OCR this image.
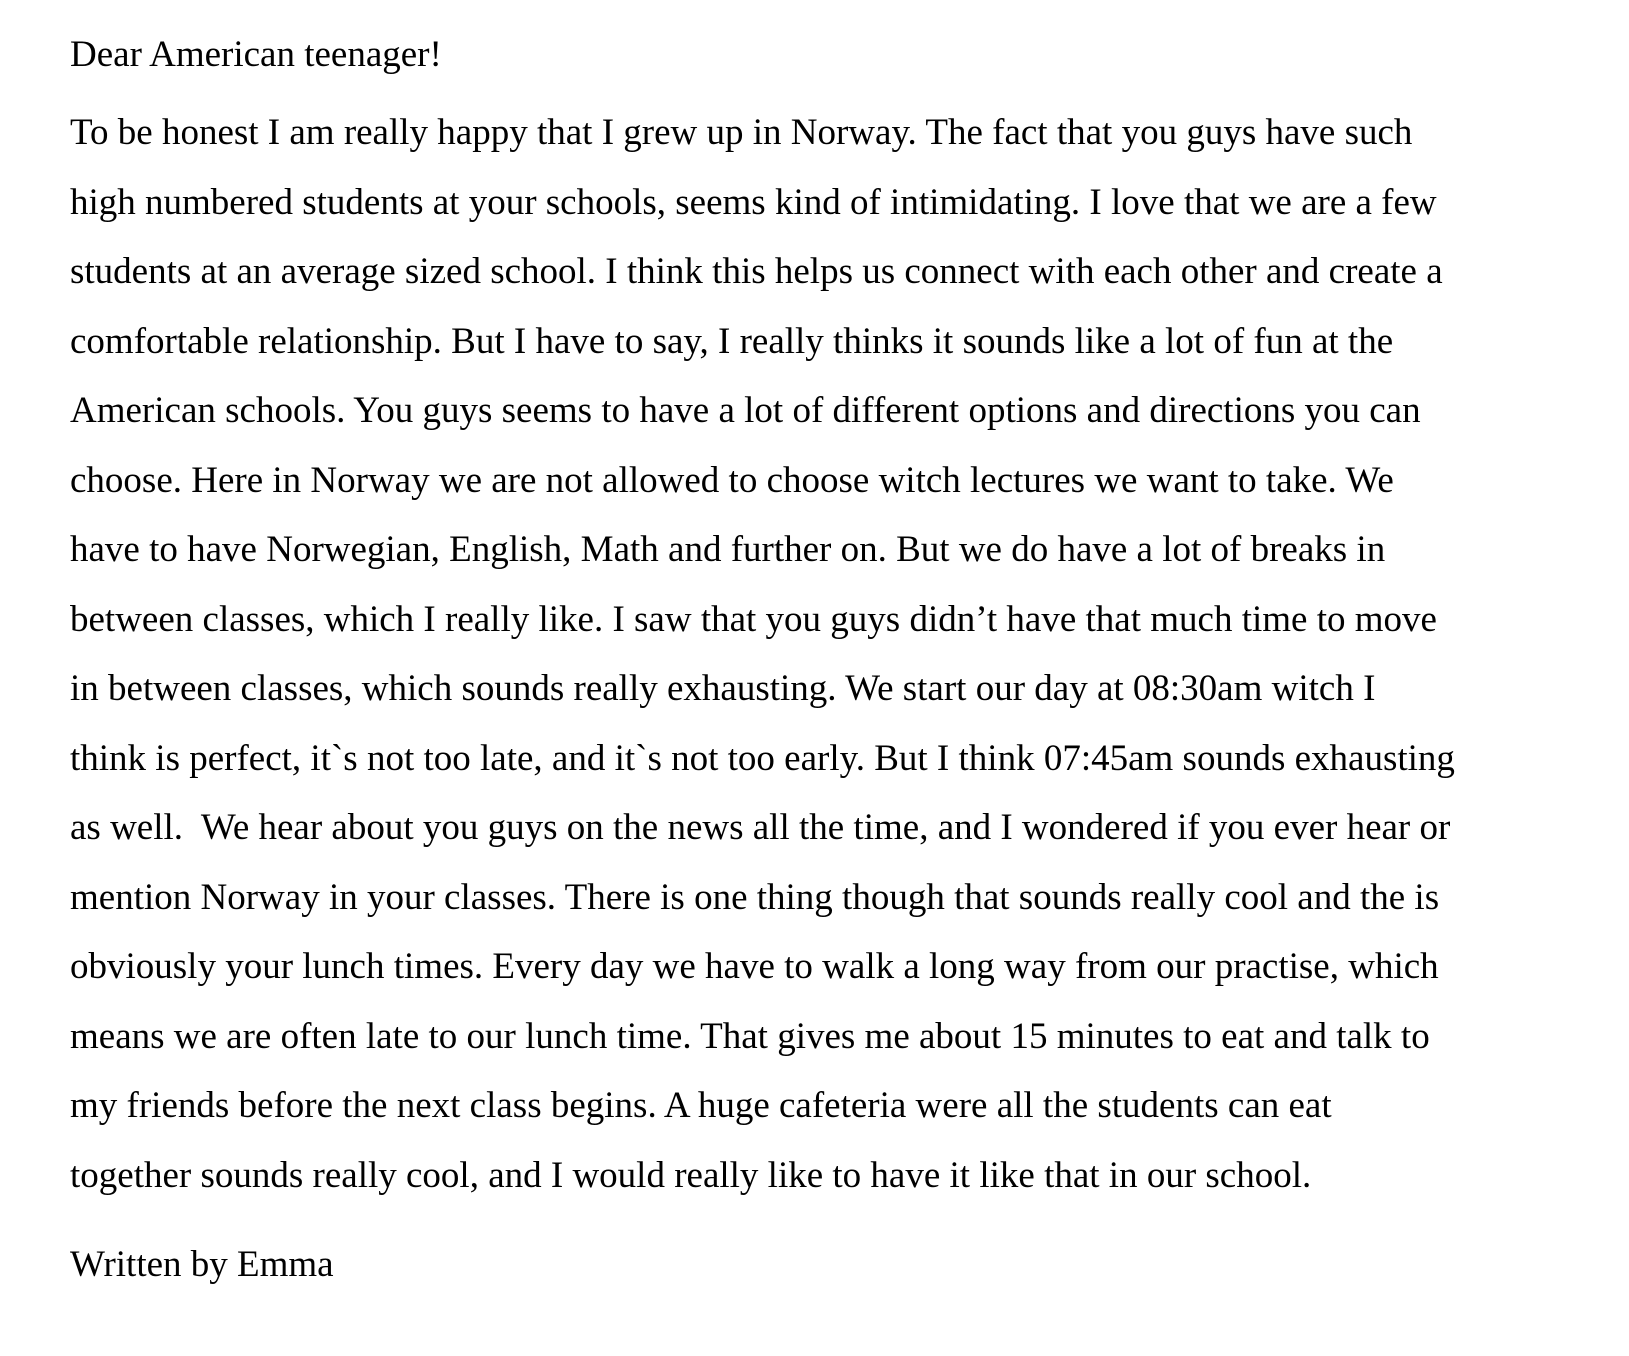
Dear American teenager!

To be honest I am really happy that I grew up in Norway. The fact that you guys have such
high numbered students at your schools, seems kind of intimidating. I love that we are a few
students at an average sized school. I think this helps us connect with each other and create a
comfortable relationship. But I have to say, I really thinks it sounds like a lot of fun at the
American schools. You guys seems to have a lot of different options and directions you can
choose. Here in Norway we are not allowed to choose witch lectures we want to take. We
have to have Norwegian, English, Math and further on. But we do have a lot of breaks in
between classes, which I really like. I saw that you guys didn’t have that much time to move
in between classes, which sounds really exhausting. We start our day at 08:30am witch I
think is perfect, it`s not too late, and it`s not too early. But I think 07:45am sounds exhausting
as well.  We hear about you guys on the news all the time, and I wondered if you ever hear or
mention Norway in your classes. There is one thing though that sounds really cool and the is
obviously your lunch times. Every day we have to walk a long way from our practise, which
means we are often late to our lunch time. That gives me about 15 minutes to eat and talk to
my friends before the next class begins. A huge cafeteria were all the students can eat
together sounds really cool, and I would really like to have it like that in our school.

Written by Emma
